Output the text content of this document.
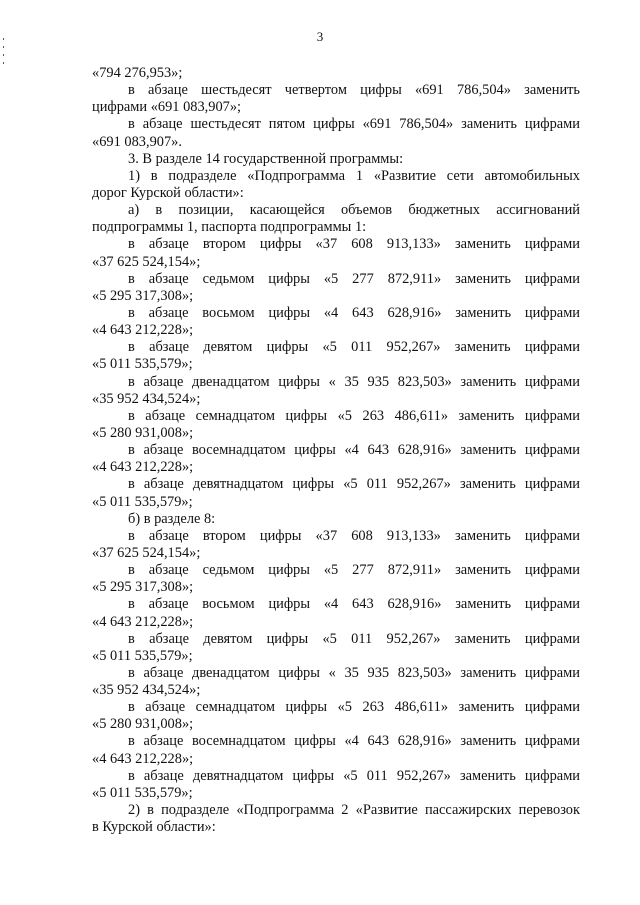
3
«794 276,953»;
в абзаце шестьдесят четвертом цифры «691 786,504» заменить
цифрами «691 083,907»;
в абзаце шестьдесят пятом цифры «691 786,504» заменить цифрами
«691 083,907».
3. В разделе 14 государственной программы:
1) в подразделе «Подпрограмма 1 «Развитие сети автомобильных
дорог Курской области»:
а) в позиции, касающейся объемов бюджетных ассигнований
подпрограммы 1, паспорта подпрограммы 1:
в абзаце втором цифры «37 608 913,133» заменить цифрами
«37 625 524,154»;
в абзаце седьмом цифры «5 277 872,911» заменить цифрами
«5 295 317,308»;
в абзаце восьмом цифры «4 643 628,916» заменить цифрами
«4 643 212,228»;
в абзаце девятом цифры «5 011 952,267» заменить цифрами
«5 011 535,579»;
в абзаце двенадцатом цифры « 35 935 823,503» заменить цифрами
«35 952 434,524»;
в абзаце семнадцатом цифры «5 263 486,611» заменить цифрами
«5 280 931,008»;
в абзаце восемнадцатом цифры «4 643 628,916» заменить цифрами
«4 643 212,228»;
в абзаце девятнадцатом цифры «5 011 952,267» заменить цифрами
«5 011 535,579»;
б) в разделе 8:
в абзаце втором цифры «37 608 913,133» заменить цифрами
«37 625 524,154»;
в абзаце седьмом цифры «5 277 872,911» заменить цифрами
«5 295 317,308»;
в абзаце восьмом цифры «4 643 628,916» заменить цифрами
«4 643 212,228»;
в абзаце девятом цифры «5 011 952,267» заменить цифрами
«5 011 535,579»;
в абзаце двенадцатом цифры « 35 935 823,503» заменить цифрами
«35 952 434,524»;
в абзаце семнадцатом цифры «5 263 486,611» заменить цифрами
«5 280 931,008»;
в абзаце восемнадцатом цифры «4 643 628,916» заменить цифрами
«4 643 212,228»;
в абзаце девятнадцатом цифры «5 011 952,267» заменить цифрами
«5 011 535,579»;
2) в подразделе «Подпрограмма 2 «Развитие пассажирских перевозок
в Курской области»:
